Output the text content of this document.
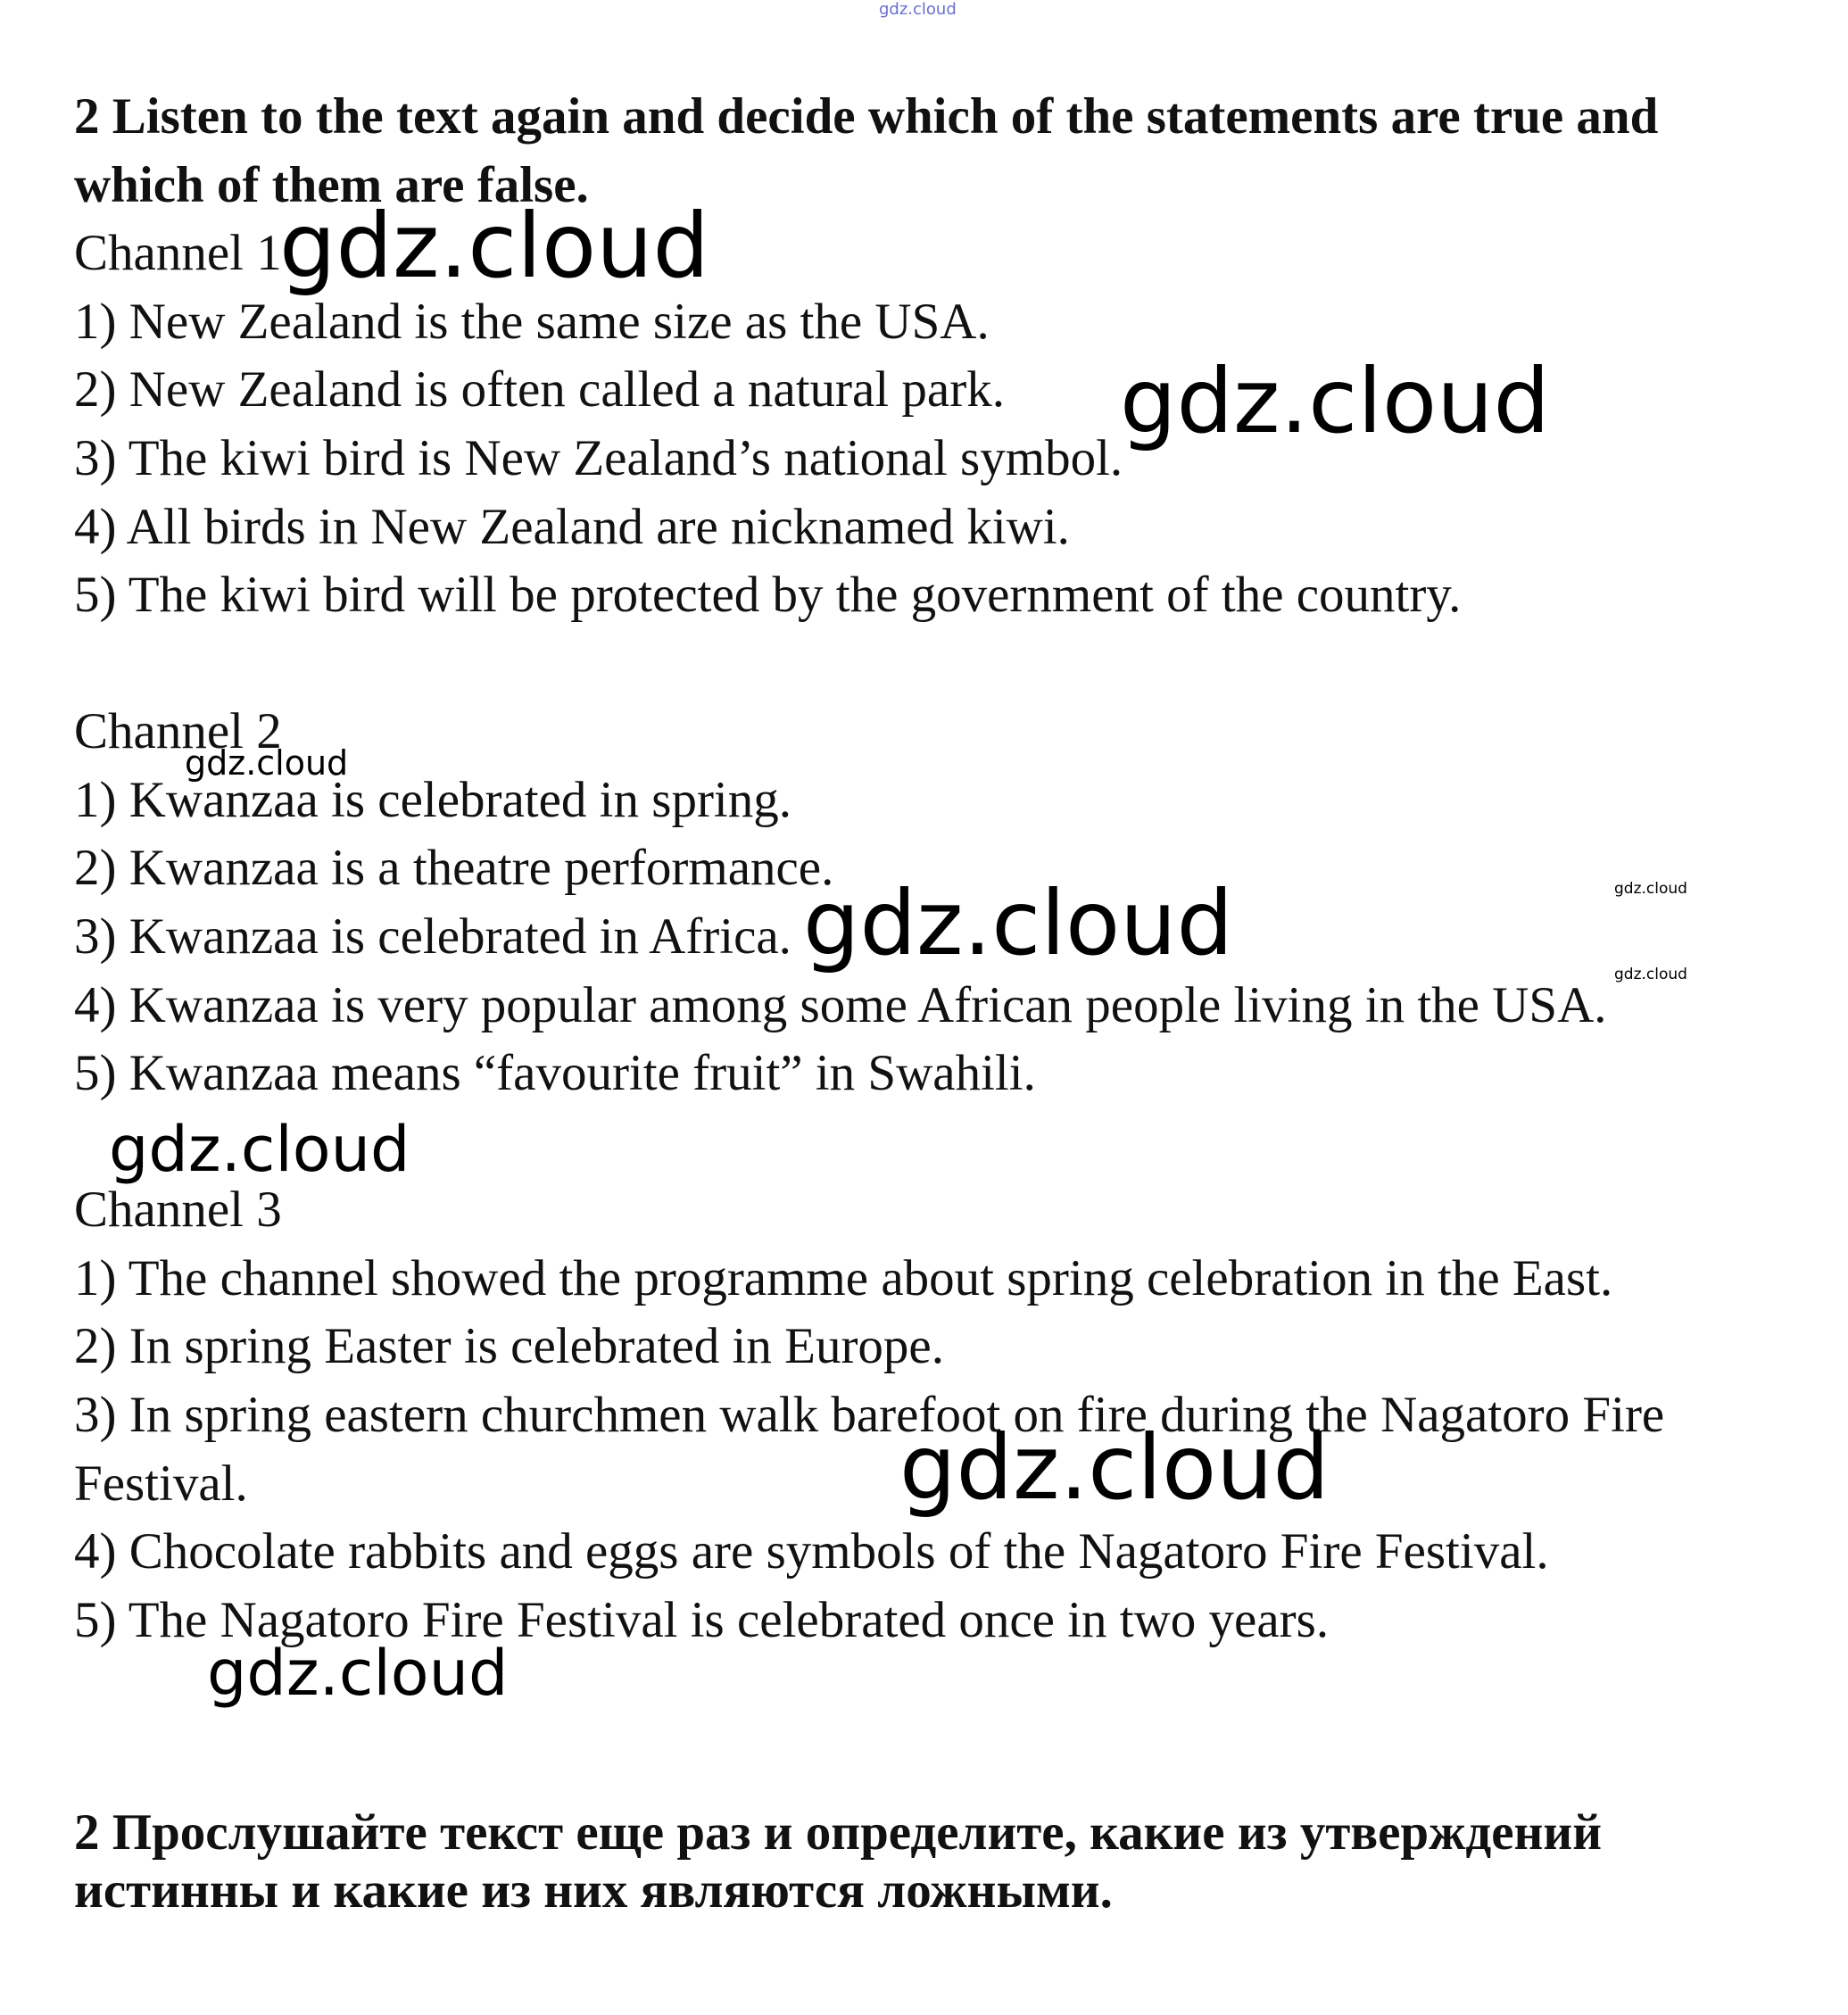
gdz.cloud
2 Listen to the text again and decide which of the statements are true and
which of them are false.
Channel 1
1) New Zealand is the same size as the USA.
2) New Zealand is often called a natural park.
3) The kiwi bird is New Zealand’s national symbol.
4) All birds in New Zealand are nicknamed kiwi.
5) The kiwi bird will be protected by the government of the country.
Channel 2
1) Kwanzaa is celebrated in spring.
2) Kwanzaa is a theatre performance.
3) Kwanzaa is celebrated in Africa.
4) Kwanzaa is very popular among some African people living in the USA.
5) Kwanzaa means “favourite fruit” in Swahili.
Channel 3
1) The channel showed the programme about spring celebration in the East.
2) In spring Easter is celebrated in Europe.
3) In spring eastern churchmen walk barefoot on fire during the Nagatoro Fire
Festival.
4) Chocolate rabbits and eggs are symbols of the Nagatoro Fire Festival.
5) The Nagatoro Fire Festival is celebrated once in two years.
2 Прослушайте текст еще раз и определите, какие из утверждений
истинны и какие из них являются ложными.
gdz.cloud
gdz.cloud
gdz.cloud
gdz.cloud
gdz.cloud	gdz.cloud
gdz.cloud
gdz.cloud
gdz.cloud
